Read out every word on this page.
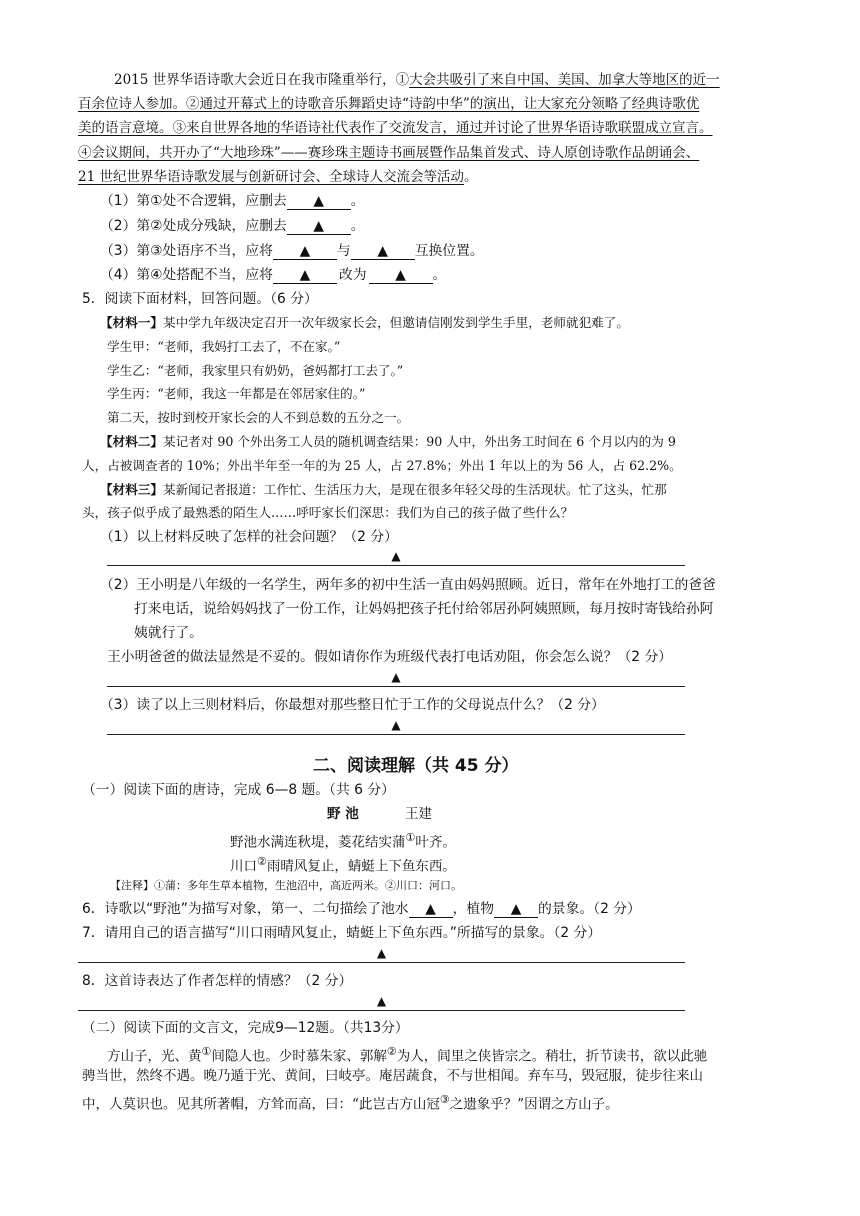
2015 世界华语诗歌大会近日在我市隆重举行，①大会共吸引了来自中国、美国、加拿大等地区的近一
百余位诗人参加。②通过开幕式上的诗歌音乐舞蹈史诗“诗韵中华”的演出，让大家充分领略了经典诗歌优
美的语言意境。③来自世界各地的华语诗社代表作了交流发言，通过并讨论了世界华语诗歌联盟成立宣言。
④会议期间，共开办了“大地珍珠”——赛珍珠主题诗书画展暨作品集首发式、诗人原创诗歌作品朗诵会、
21 世纪世界华语诗歌发展与创新研讨会、全球诗人交流会等活动。
（1）第①处不合逻辑，应删去 ▲ 。
（2）第②处成分残缺，应删去 ▲ 。
（3）第③处语序不当，应将 ▲ 与 ▲ 互换位置。
（4）第④处搭配不当，应将 ▲ 改为 ▲ 。
5．阅读下面材料，回答问题。（6 分）
【材料一】某中学九年级决定召开一次年级家长会，但邀请信刚发到学生手里，老师就犯难了。
学生甲：“老师，我妈打工去了，不在家。”
学生乙：“老师，我家里只有奶奶，爸妈都打工去了。”
学生丙：“老师，我这一年都是在邻居家住的。”
第二天，按时到校开家长会的人不到总数的五分之一。
【材料二】某记者对 90 个外出务工人员的随机调查结果：90 人中，外出务工时间在 6 个月以内的为 9
人，占被调查者的 10%；外出半年至一年的为 25 人，占 27.8%；外出 1 年以上的为 56 人，占 62.2%。
【材料三】某新闻记者报道：工作忙、生活压力大，是现在很多年轻父母的生活现状。忙了这头，忙那
头，孩子似乎成了最熟悉的陌生人……呼吁家长们深思：我们为自己的孩子做了些什么？
（1）以上材料反映了怎样的社会问题？（2 分）
▲
（2）王小明是八年级的一名学生，两年多的初中生活一直由妈妈照顾。近日，常年在外地打工的爸爸
打来电话，说给妈妈找了一份工作，让妈妈把孩子托付给邻居孙阿姨照顾，每月按时寄钱给孙阿
姨就行了。
王小明爸爸的做法显然是不妥的。假如请你作为班级代表打电话劝阻，你会怎么说？（2 分）
▲
（3）读了以上三则材料后，你最想对那些整日忙于工作的父母说点什么？（2 分）
▲
二、阅读理解（共 45 分）
（一）阅读下面的唐诗，完成 6—8 题。（共 6 分）
野 池	王建
野池水满连秋堤，菱花结实蒲①叶齐。
川口②雨晴风复止，蜻蜓上下鱼东西。
【注释】①蒲：多年生草本植物，生池沼中，高近两米。②川口：河口。
6．诗歌以“野池”为描写对象，第一、二句描绘了池水 ▲ ，植物 ▲ 的景象。（2 分）
7．请用自己的语言描写“川口雨晴风复止，蜻蜓上下鱼东西。”所描写的景象。（2 分）
▲
8．这首诗表达了作者怎样的情感？（2 分）
▲
（二）阅读下面的文言文，完成9—12题。（共13分）
方山子，光、黄①间隐人也。少时慕朱家、郭解②为人，闾里之侠皆宗之。稍壮，折节读书，欲以此驰
骋当世，然终不遇。晚乃遁于光、黄间，曰岐亭。庵居蔬食，不与世相闻。弃车马，毁冠服，徒步往来山
中，人莫识也。见其所著帽，方耸而高，曰：“此岂古方山冠③之遗象乎？”因谓之方山子。
